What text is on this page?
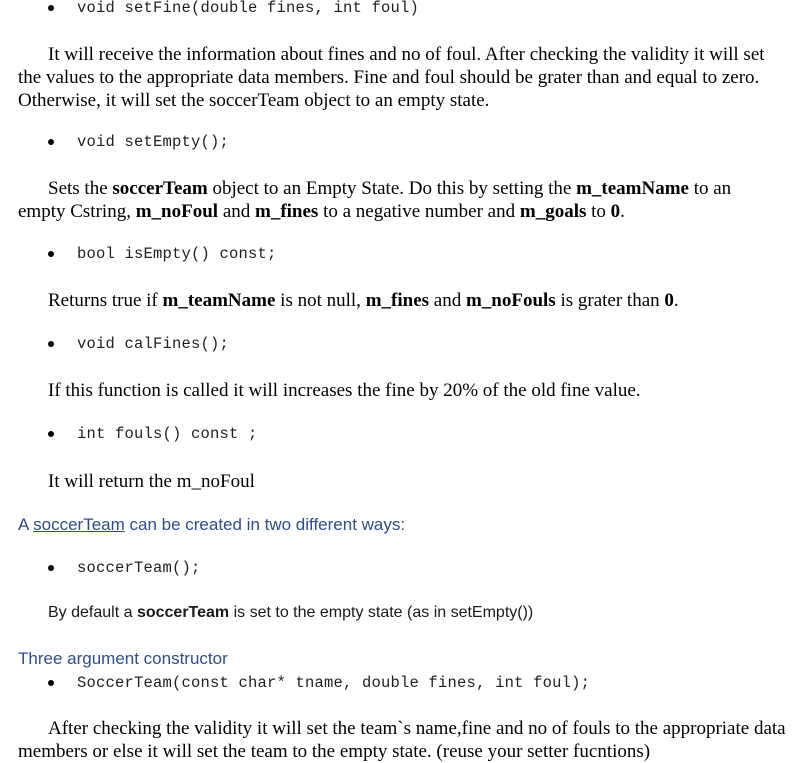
void setFine(double fines, int foul)
It will receive the information about fines and no of foul. After checking the validity it will set the values to the appropriate data members. Fine and foul should be grater than and equal to zero. Otherwise, it will set the soccerTeam object to an empty state.
void setEmpty();
Sets the soccerTeam object to an Empty State. Do this by setting the m_teamName to an empty Cstring, m_noFoul and m_fines to a negative number and m_goals to 0.
bool isEmpty() const;
Returns true if m_teamName is not null, m_fines and m_noFouls is grater than 0.
void calFines();
If this function is called it will increases the fine by 20% of the old fine value.
int fouls() const ;
It will return the m_noFoul
A soccerTeam can be created in two different ways:
soccerTeam();
By default a soccerTeam is set to the empty state (as in setEmpty())
Three argument constructor
SoccerTeam(const char* tname, double fines, int foul);
After checking the validity it will set the team`s name,fine and no of fouls to the appropriate data members or else it will set the team to the empty state. (reuse your setter fucntions)
